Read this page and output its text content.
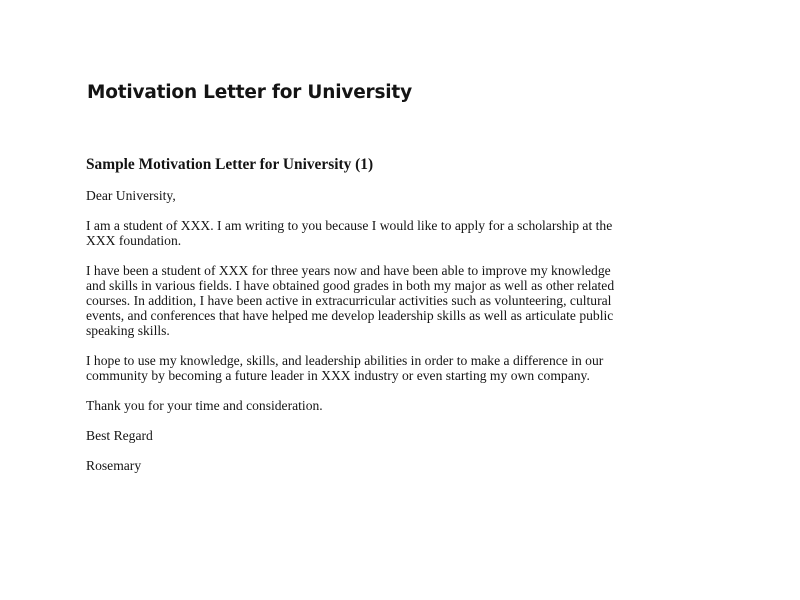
Motivation Letter for University
Sample Motivation Letter for University (1)

Dear University,

I am a student of XXX. I am writing to you because I would like to apply for a scholarship at the
XXX foundation.

I have been a student of XXX for three years now and have been able to improve my knowledge
and skills in various fields. I have obtained good grades in both my major as well as other related
courses. In addition, I have been active in extracurricular activities such as volunteering, cultural
events, and conferences that have helped me develop leadership skills as well as articulate public
speaking skills.

I hope to use my knowledge, skills, and leadership abilities in order to make a difference in our
community by becoming a future leader in XXX industry or even starting my own company.

Thank you for your time and consideration.

Best Regard

Rosemary
